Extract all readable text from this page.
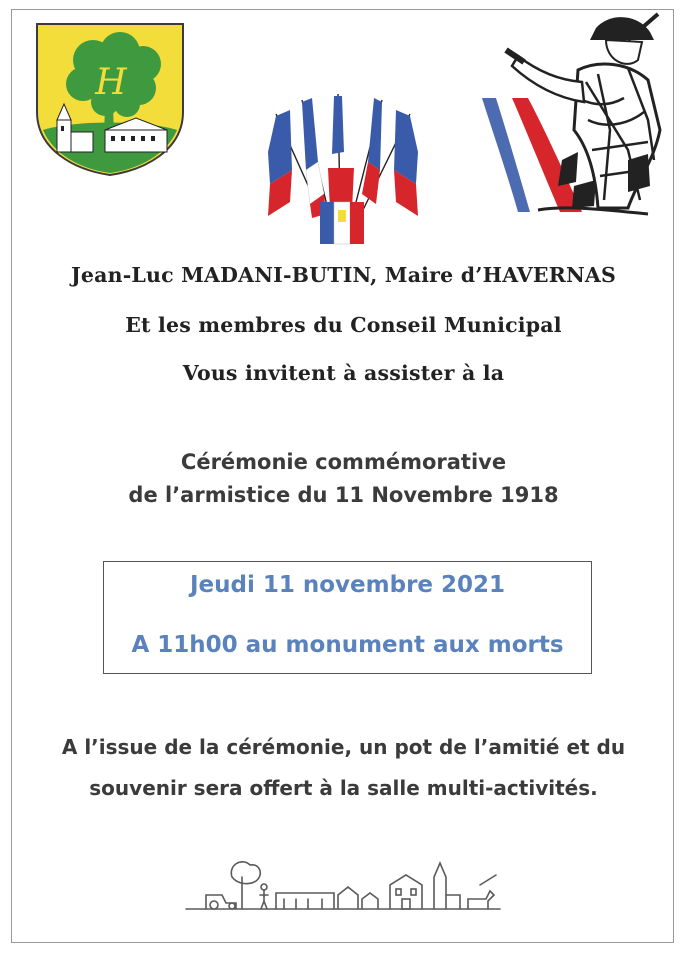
H
Jean-Luc MADANI-BUTIN, Maire d’HAVERNAS
Et les membres du Conseil Municipal
Vous invitent à assister à la
Cérémonie commémorative
de l’armistice du 11 Novembre 1918
Jeudi 11 novembre 2021
A 11h00 au monument aux morts
A l’issue de la cérémonie, un pot de l’amitié et du
souvenir sera offert à la salle multi-activités.
